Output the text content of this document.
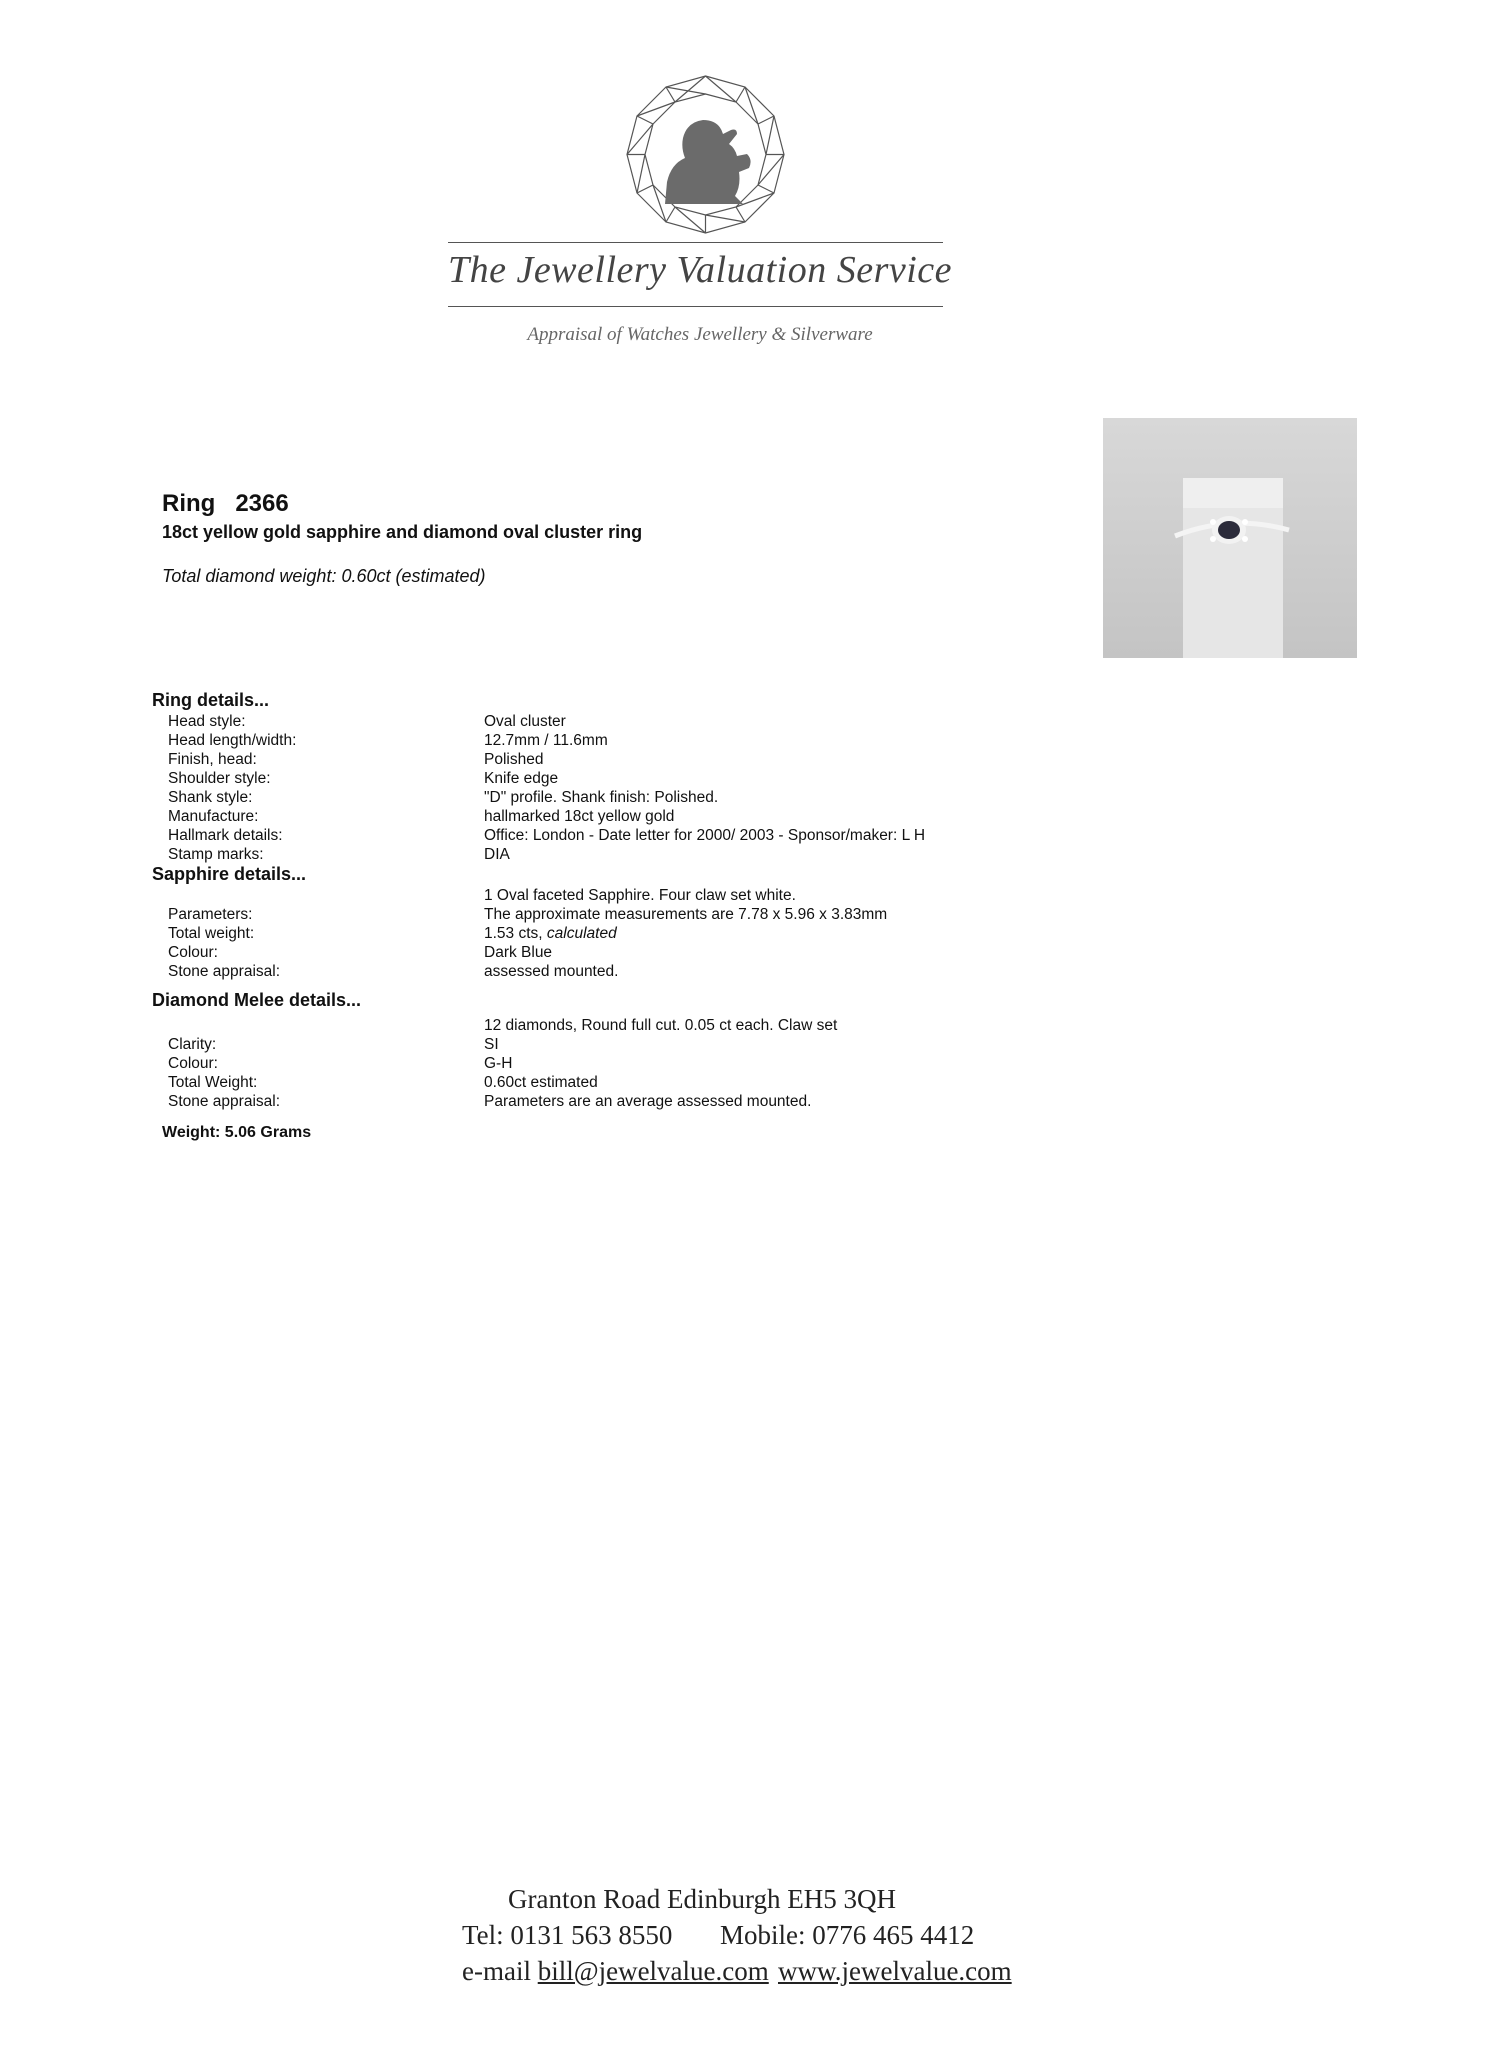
The Jewellery Valuation Service
Appraisal of Watches Jewellery & Silverware
Ring 2366
18ct yellow gold sapphire and diamond oval cluster ring
Total diamond weight: 0.60ct (estimated)
Ring details...
Head style:	Oval cluster
Head length/width:	12.7mm / 11.6mm
Finish, head:	Polished
Shoulder style:	Knife edge
Shank style:	"D" profile. Shank finish: Polished.
Manufacture:	hallmarked 18ct yellow gold
Hallmark details:	Office: London - Date letter for 2000/ 2003 - Sponsor/maker: L H
Stamp marks:	DIA
Sapphire details...
1 Oval faceted Sapphire. Four claw set white.
Parameters:	The approximate measurements are 7.78 x 5.96 x 3.83mm
Total weight:	1.53 cts, calculated
Colour:	Dark Blue
Stone appraisal:	assessed mounted.
Diamond Melee details...
12 diamonds, Round full cut. 0.05 ct each. Claw set
Clarity:	SI
Colour:	G-H
Total Weight:	0.60ct estimated
Stone appraisal:	Parameters are an average assessed mounted.
Weight: 5.06 Grams
Granton Road Edinburgh EH5 3QH
Tel: 0131 563 8550 Mobile: 0776 465 4412
e-mail bill@jewelvalue.com www.jewelvalue.com
